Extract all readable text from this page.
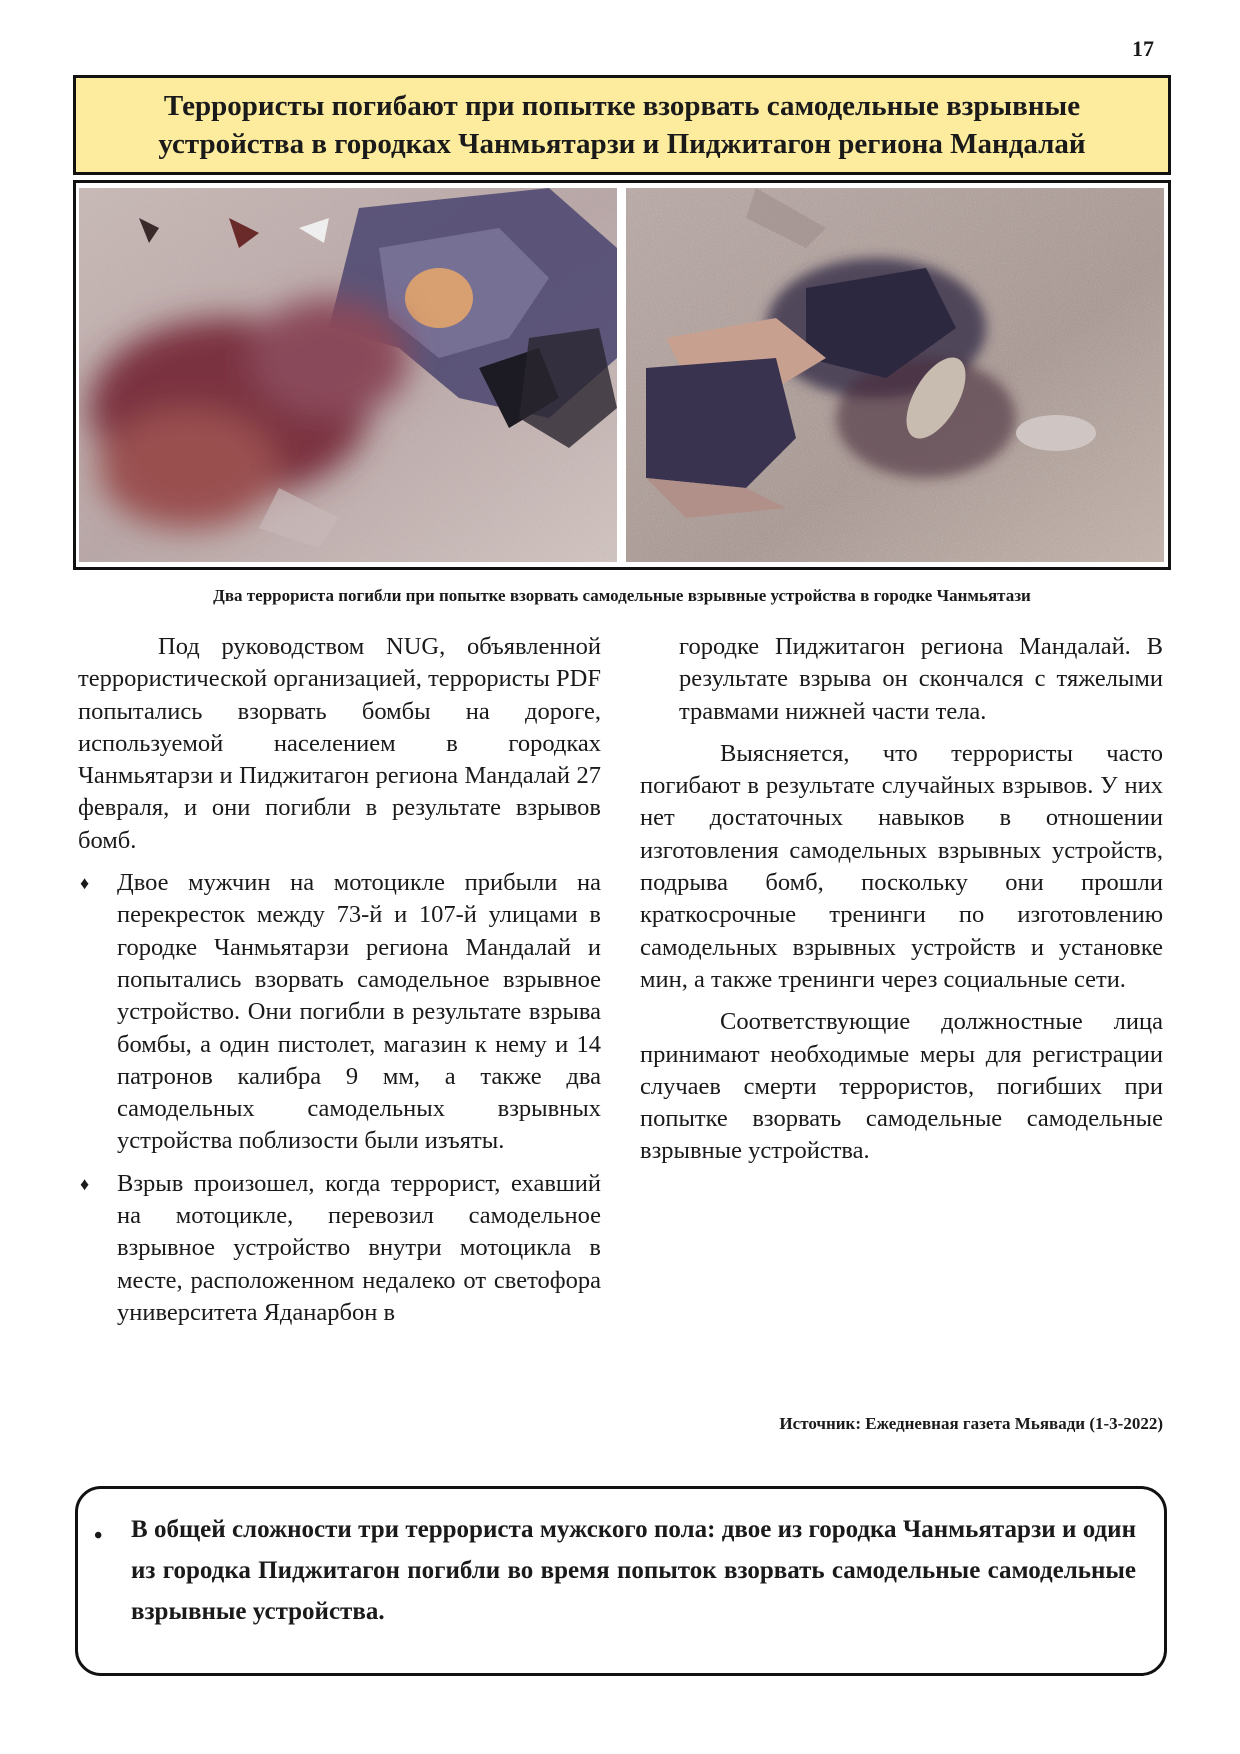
17
Террористы погибают при попытке взорвать самодельные взрывные устройства в городках Чанмьятарзи и Пиджитагон региона Мандалай
Два террориста погибли при попытке взорвать самодельные взрывные устройства в городке Чанмьятази

Под руководством NUG, объявленной террористической организацией, террористы PDF попытались взорвать бомбы на дороге, используемой населением в городках Чанмьятарзи и Пиджитагон региона Мандалай 27 февраля, и они погибли в результате взрывов бомб.

♦ Двое мужчин на мотоцикле прибыли на перекресток между 73-й и 107-й улицами в городке Чанмьятарзи региона Мандалай и попытались взорвать самодельное взрывное устройство. Они погибли в результате взрыва бомбы, а один пистолет, магазин к нему и 14 патронов калибра 9 мм, а также два самодельных самодельных взрывных устройства поблизости были изъяты.
♦ Взрыв произошел, когда террорист, ехавший на мотоцикле, перевозил самодельное взрывное устройство внутри мотоцикла в месте, расположенном недалеко от светофора университета Яданарбон в

городке Пиджитагон региона Мандалай. В результате взрыва он скончался с тяжелыми травмами нижней части тела.

Выясняется, что террористы часто погибают в результате случайных взрывов. У них нет достаточных навыков в отношении изготовления самодельных взрывных устройств, подрыва бомб, поскольку они прошли краткосрочные тренинги по изготовлению самодельных взрывных устройств и установке мин, а также тренинги через социальные сети.

Соответствующие должностные лица принимают необходимые меры для регистрации случаев смерти террористов, погибших при попытке взорвать самодельные самодельные взрывные устройства.

Источник: Ежедневная газета Мьявади (1-3-2022)
• В общей сложности три террориста мужского пола: двое из городка Чанмьятарзи и один из городка Пиджитагон погибли во время попыток взорвать самодельные самодельные взрывные устройства.
